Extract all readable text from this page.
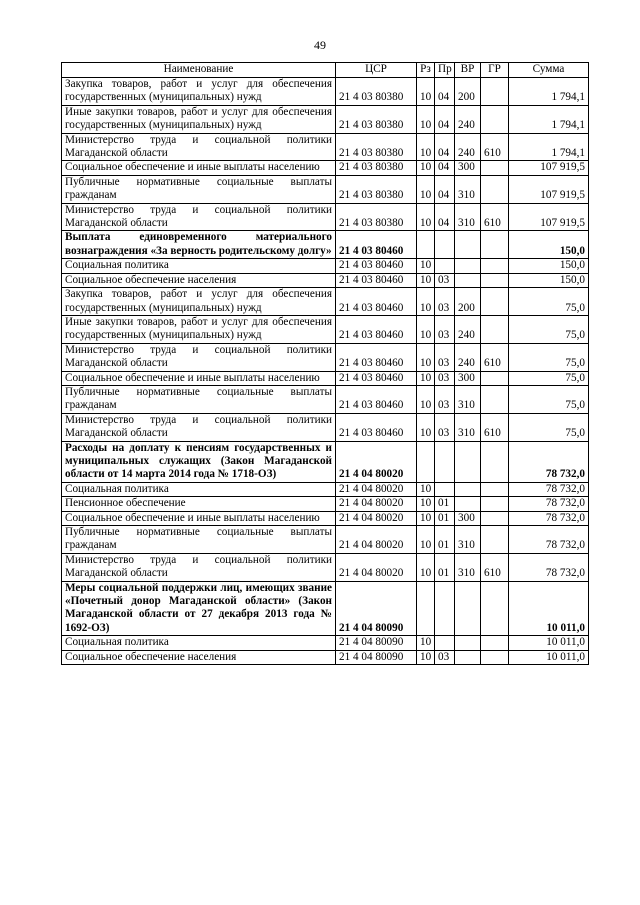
49
Наименование	ЦСР	Рз	Пр	ВР	ГР	Сумма
Закупка товаров, работ и услуг для обеспечения государственных (муниципальных) нужд	21 4 03 80380	10	04	200		1 794,1
Иные закупки товаров, работ и услуг для обеспечения государственных (муниципальных) нужд	21 4 03 80380	10	04	240		1 794,1
Министерство труда и социальной политики Магаданской области	21 4 03 80380	10	04	240	610	1 794,1
Социальное обеспечение и иные выплаты населению	21 4 03 80380	10	04	300		107 919,5
Публичные нормативные социальные выплаты гражданам	21 4 03 80380	10	04	310		107 919,5
Министерство труда и социальной политики Магаданской области	21 4 03 80380	10	04	310	610	107 919,5
Выплата единовременного материального вознаграждения «За верность родительскому долгу»	21 4 03 80460					150,0
Социальная политика	21 4 03 80460	10				150,0
Социальное обеспечение населения	21 4 03 80460	10	03			150,0
Закупка товаров, работ и услуг для обеспечения государственных (муниципальных) нужд	21 4 03 80460	10	03	200		75,0
Иные закупки товаров, работ и услуг для обеспечения государственных (муниципальных) нужд	21 4 03 80460	10	03	240		75,0
Министерство труда и социальной политики Магаданской области	21 4 03 80460	10	03	240	610	75,0
Социальное обеспечение и иные выплаты населению	21 4 03 80460	10	03	300		75,0
Публичные нормативные социальные выплаты гражданам	21 4 03 80460	10	03	310		75,0
Министерство труда и социальной политики Магаданской области	21 4 03 80460	10	03	310	610	75,0
Расходы на доплату к пенсиям государственных и муниципальных служащих (Закон Магаданской области от 14 марта 2014 года № 1718-ОЗ)	21 4 04 80020					78 732,0
Социальная политика	21 4 04 80020	10				78 732,0
Пенсионное обеспечение	21 4 04 80020	10	01			78 732,0
Социальное обеспечение и иные выплаты населению	21 4 04 80020	10	01	300		78 732,0
Публичные нормативные социальные выплаты гражданам	21 4 04 80020	10	01	310		78 732,0
Министерство труда и социальной политики Магаданской области	21 4 04 80020	10	01	310	610	78 732,0
Меры социальной поддержки лиц, имеющих звание «Почетный донор Магаданской области» (Закон Магаданской области от 27 декабря 2013 года № 1692-ОЗ)	21 4 04 80090					10 011,0
Социальная политика	21 4 04 80090	10				10 011,0
Социальное обеспечение населения	21 4 04 80090	10	03			10 011,0
